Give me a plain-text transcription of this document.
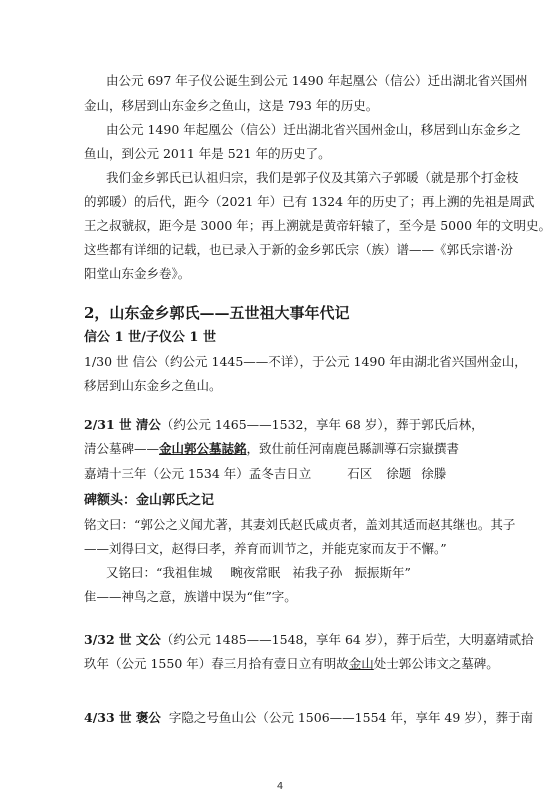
由公元 697 年子仪公诞生到公元 1490 年起凰公（信公）迁出湖北省兴国州
金山，移居到山东金乡之鱼山，这是 793 年的历史。
由公元 1490 年起凰公（信公）迁出湖北省兴国州金山，移居到山东金乡之
鱼山，到公元 2011 年是 521 年的历史了。
我们金乡郭氏已认祖归宗，我们是郭子仪及其第六子郭暖（就是那个打金枝
的郭暖）的后代，距今（2021 年）已有 1324 年的历史了；再上溯的先祖是周武
王之叔虢叔，距今是 3000 年；再上溯就是黄帝轩辕了，至今是 5000 年的文明史。
这些都有详细的记载，也已录入于新的金乡郭氏宗（族）谱——《郭氏宗谱·汾
阳堂山东金乡卷》。
2，山东金乡郭氏——五世祖大事年代记
信公 1 世/子仪公 1 世
1/30 世 信公（约公元 1445——不详），于公元 1490 年由湖北省兴国州金山，
移居到山东金乡之鱼山。
2/31 世 清公（约公元 1465——1532，享年 68 岁），葬于郭氏后林，
清公墓碑——金山郭公墓誌銘，致仕前任河南鹿邑縣訓導石宗嶽撰書
嘉靖十三年（公元 1534 年）孟冬吉日立	石区 徐题 徐滕
碑额头：金山郭氏之记
铭文曰：“郭公之义闻尤著，其妻刘氏赵氏咸贞者，盖刘其适而赵其继也。其子
——刘得曰文，赵得曰孝，养育而训节之，并能克家而友于不懈。”
又铭曰：“我祖隹城 畹夜常眠 祐我子孙 振振斯年”
隹——神鸟之意，族谱中误为“隹”字。
3/32 世 文公（约公元 1485——1548，享年 64 岁），葬于后茔，大明嘉靖贰拾
玖年（公元 1550 年）春三月拾有壹日立有明故金山处士郭公讳文之墓碑。
4/33 世 褒公 字隐之号鱼山公（公元 1506——1554 年，享年 49 岁），葬于南
4
